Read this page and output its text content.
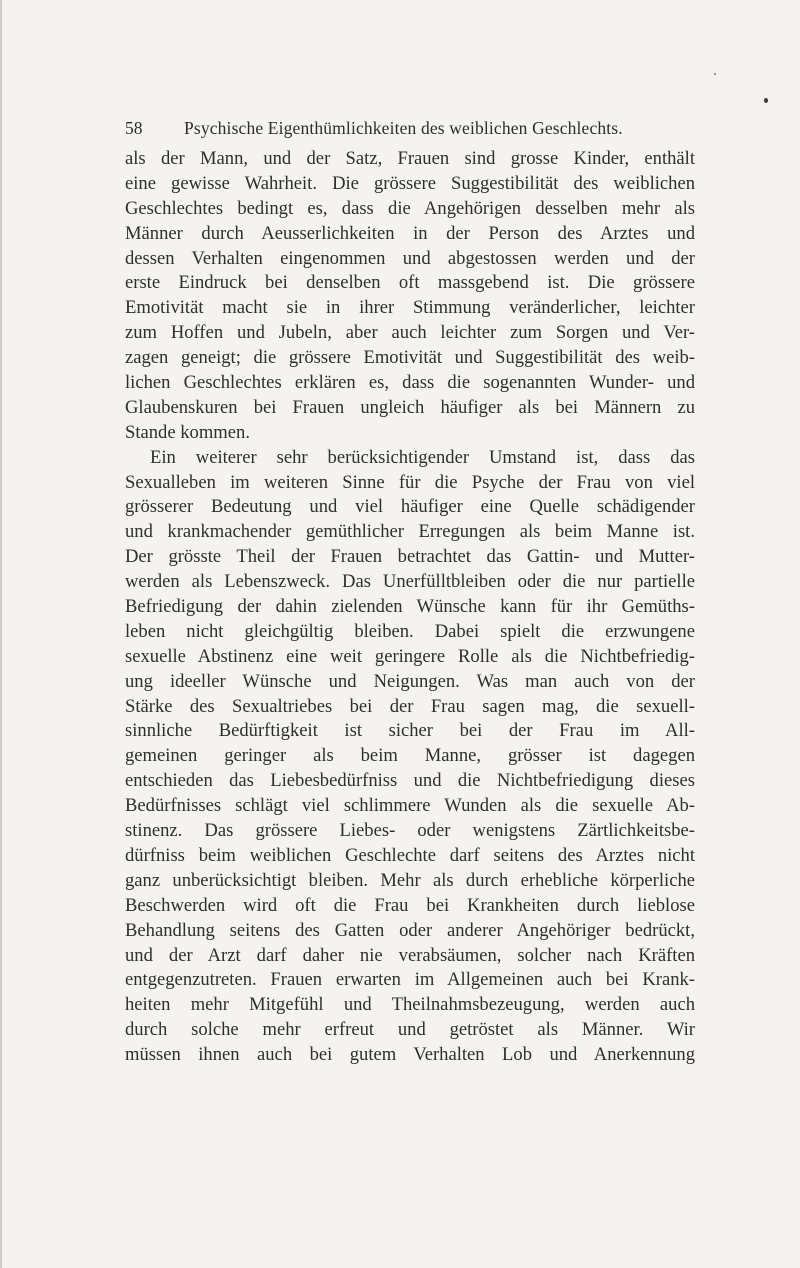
58 Psychische Eigenthümlichkeiten des weiblichen Geschlechts.
als der Mann, und der Satz, Frauen sind grosse Kinder, enthält
eine gewisse Wahrheit. Die grössere Suggestibilität des weiblichen
Geschlechtes bedingt es, dass die Angehörigen desselben mehr als
Männer durch Aeusserlichkeiten in der Person des Arztes und
dessen Verhalten eingenommen und abgestossen werden und der
erste Eindruck bei denselben oft massgebend ist. Die grössere
Emotivität macht sie in ihrer Stimmung veränderlicher, leichter
zum Hoffen und Jubeln, aber auch leichter zum Sorgen und Ver-
zagen geneigt; die grössere Emotivität und Suggestibilität des weib-
lichen Geschlechtes erklären es, dass die sogenannten Wunder- und
Glaubenskuren bei Frauen ungleich häufiger als bei Männern zu
Stande kommen.
Ein weiterer sehr berücksichtigender Umstand ist, dass das
Sexualleben im weiteren Sinne für die Psyche der Frau von viel
grösserer Bedeutung und viel häufiger eine Quelle schädigender
und krankmachender gemüthlicher Erregungen als beim Manne ist.
Der grösste Theil der Frauen betrachtet das Gattin- und Mutter-
werden als Lebenszweck. Das Unerfülltbleiben oder die nur partielle
Befriedigung der dahin zielenden Wünsche kann für ihr Gemüths-
leben nicht gleichgültig bleiben. Dabei spielt die erzwungene
sexuelle Abstinenz eine weit geringere Rolle als die Nichtbefriedig-
ung ideeller Wünsche und Neigungen. Was man auch von der
Stärke des Sexualtriebes bei der Frau sagen mag, die sexuell-
sinnliche Bedürftigkeit ist sicher bei der Frau im All-
gemeinen geringer als beim Manne, grösser ist dagegen
entschieden das Liebesbedürfniss und die Nichtbefriedigung dieses
Bedürfnisses schlägt viel schlimmere Wunden als die sexuelle Ab-
stinenz. Das grössere Liebes- oder wenigstens Zärtlichkeitsbe-
dürfniss beim weiblichen Geschlechte darf seitens des Arztes nicht
ganz unberücksichtigt bleiben. Mehr als durch erhebliche körperliche
Beschwerden wird oft die Frau bei Krankheiten durch lieblose
Behandlung seitens des Gatten oder anderer Angehöriger bedrückt,
und der Arzt darf daher nie verabsäumen, solcher nach Kräften
entgegenzutreten. Frauen erwarten im Allgemeinen auch bei Krank-
heiten mehr Mitgefühl und Theilnahmsbezeugung, werden auch
durch solche mehr erfreut und getröstet als Männer. Wir
müssen ihnen auch bei gutem Verhalten Lob und Anerkennung
